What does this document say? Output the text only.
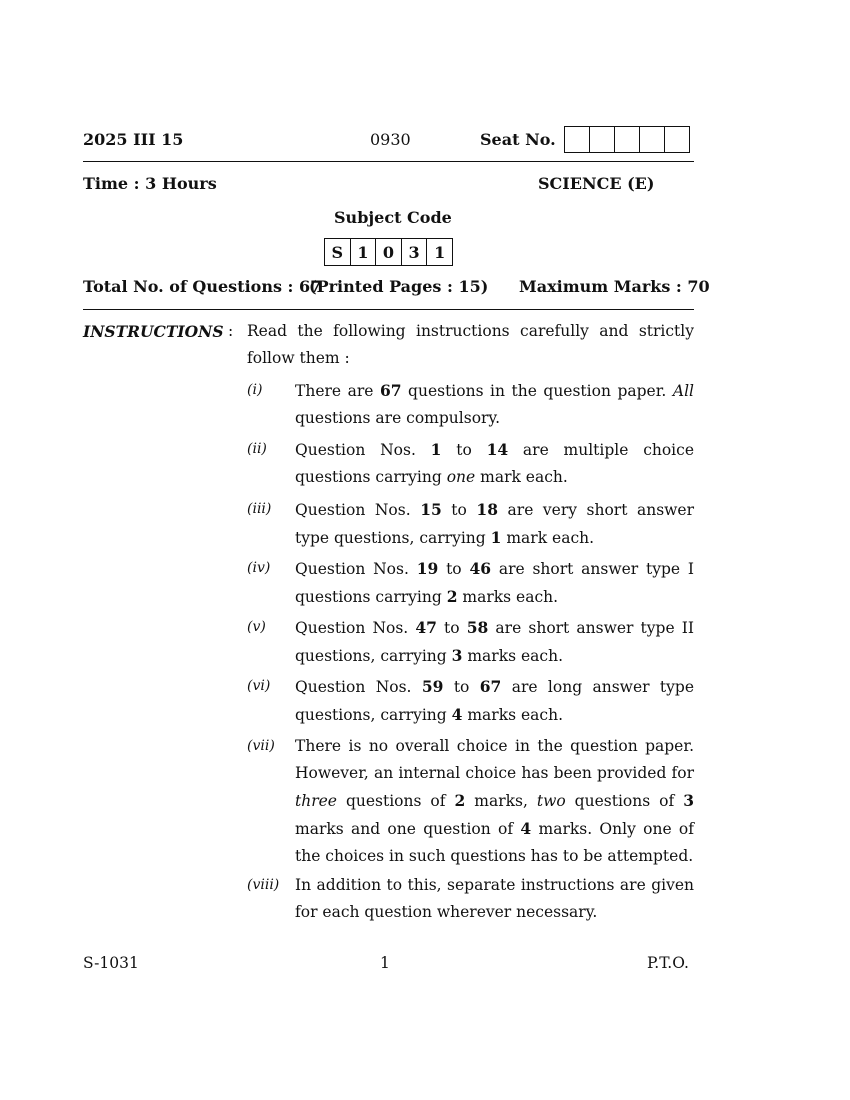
2025 III 15	0930	Seat No.
Time : 3 Hours	SCIENCE (E)
Subject Code
S 1 0 3 1
Total No. of Questions : 67
(Printed Pages : 15) Maximum Marks : 70
INSTRUCTIONS : Read the following instructions carefully and strictly follow them :
(i) There are 67 questions in the question paper. All questions are compulsory.
(ii) Question Nos. 1 to 14 are multiple choice questions carrying one mark each.
(iii) Question Nos. 15 to 18 are very short answer type questions, carrying 1 mark each.
(iv) Question Nos. 19 to 46 are short answer type I questions carrying 2 marks each.
(v) Question Nos. 47 to 58 are short answer type II questions, carrying 3 marks each.
(vi) Question Nos. 59 to 67 are long answer type questions, carrying 4 marks each.
(vii) There is no overall choice in the question paper. However, an internal choice has been provided for three questions of 2 marks, two questions of 3 marks and one question of 4 marks. Only one of the choices in such questions has to be attempted.
(viii) In addition to this, separate instructions are given for each question wherever necessary.
S-1031	1	P.T.O.
